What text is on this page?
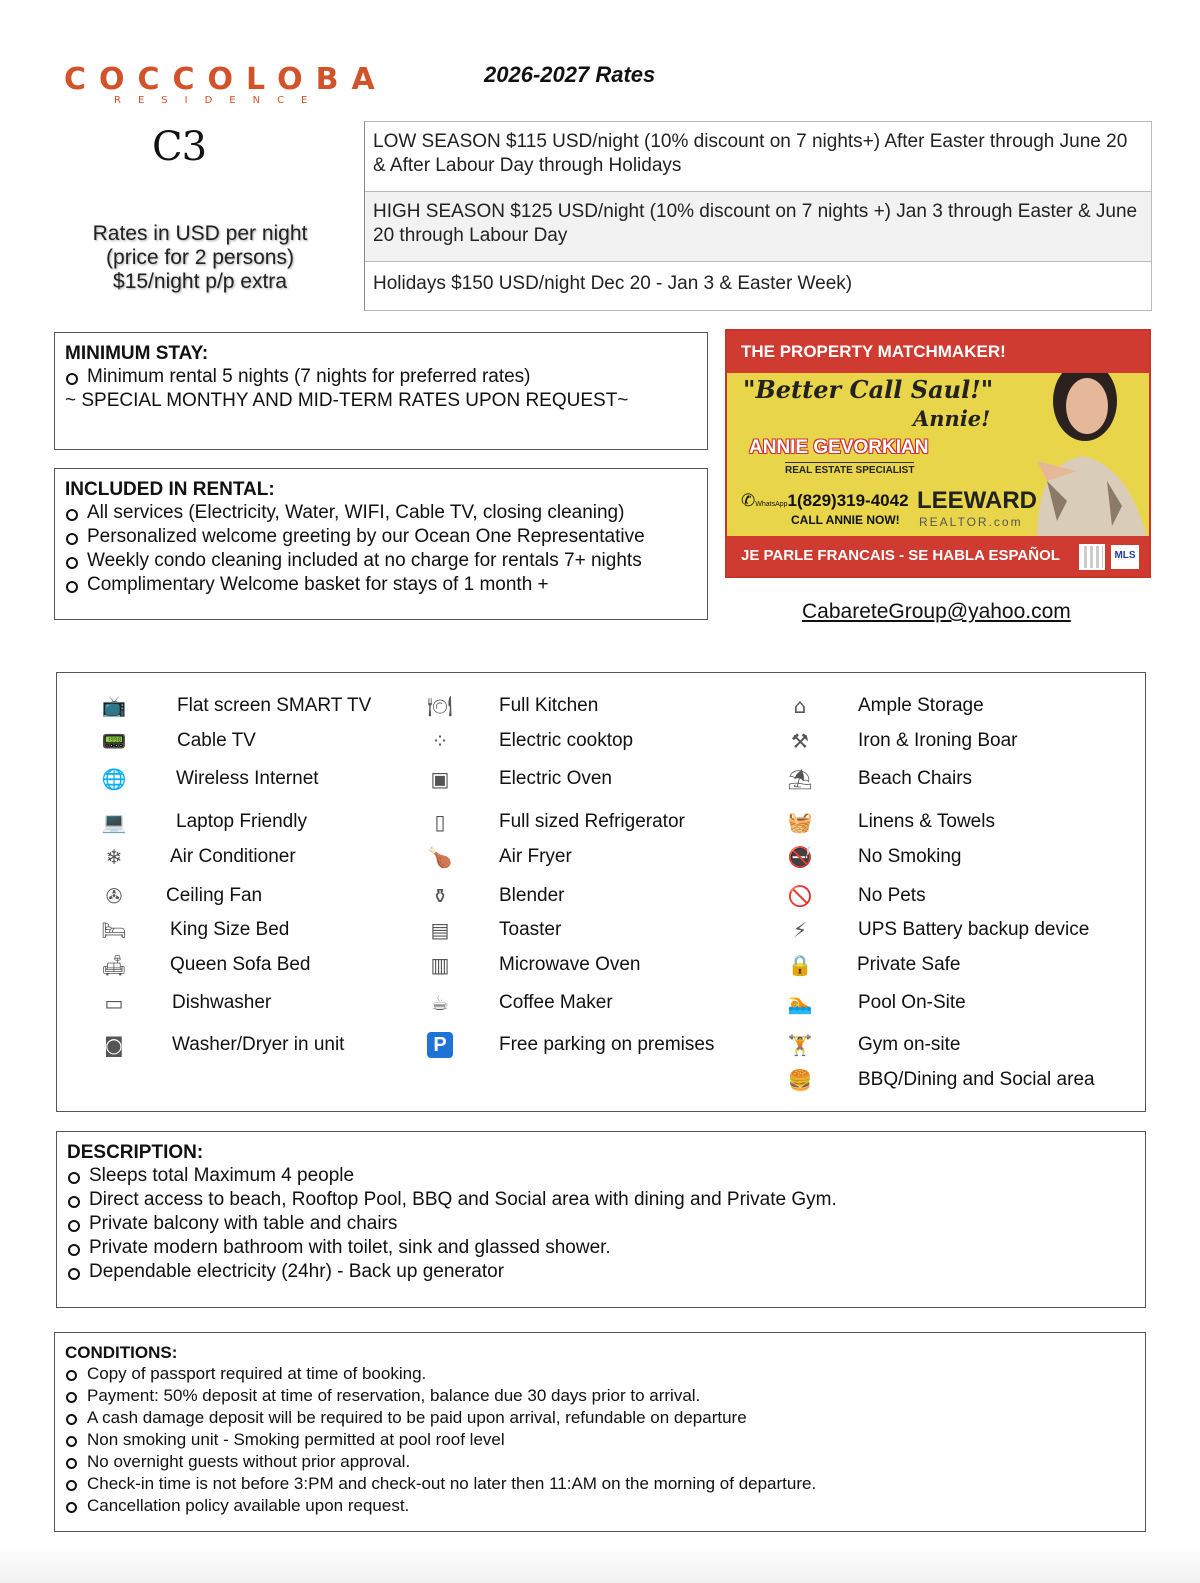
COCCOLOBA
RESIDENCE
C3
2026-2027 Rates
Rates in USD per night
(price for 2 persons)
$15/night p/p extra
LOW SEASON $115 USD/night (10% discount on 7 nights+) After Easter through June 20 & After Labour Day through Holidays
HIGH SEASON $125 USD/night (10% discount on 7 nights +) Jan 3 through Easter & June 20 through Labour Day
Holidays $150 USD/night Dec 20 - Jan 3 & Easter Week)
MINIMUM STAY:
Minimum rental 5 nights (7 nights for preferred rates)
~ SPECIAL MONTHY AND MID-TERM RATES UPON REQUEST~
INCLUDED IN RENTAL:
All services (Electricity, Water, WIFI, Cable TV, closing cleaning)
Personalized welcome greeting by our Ocean One Representative
Weekly condo cleaning included at no charge for rentals 7+ nights
Complimentary Welcome basket for stays of 1 month +
THE PROPERTY MATCHMAKER!
"Better Call Saul!"
Annie!
ANNIE GEVORKIAN
REAL ESTATE SPECIALIST
✆WhatsApp1(829)319-4042
CALL ANNIE NOW!
LEEWARD
REALTOR.com
JE PARLE FRANCAIS - SE HABLA ESPAÑOL	MLS
CabareteGroup@yahoo.com
📺	Flat screen SMART TV
📟	Cable TV
🌐	Wireless Internet
💻	Laptop Friendly
❄	Air Conditioner
✇ Ceiling Fan
🛏 King Size Bed
🛋 Queen Sofa Bed
▭	Dishwasher
◙	Washer/Dryer in unit
🍽 Full Kitchen
⁘	Electric cooktop
▣	Electric Oven
▯	Full sized Refrigerator
🍗 Air Fryer
⚱	Blender
▤	Toaster
▥	Microwave Oven
☕	Coffee Maker
P	Free parking on premises
⌂	Ample Storage
⚒	Iron & Ironing Boar
⛱ Beach Chairs
🧺 Linens & Towels
🚭 No Smoking
🚫 No Pets
⚡	UPS Battery backup device
🔒 Private Safe
🏊 Pool On-Site
🏋 Gym on-site
🍔 BBQ/Dining and Social area
DESCRIPTION:
Sleeps total Maximum 4 people
Direct access to beach, Rooftop Pool, BBQ and Social area with dining and Private Gym.
Private balcony with table and chairs
Private modern bathroom with toilet, sink and glassed shower.
Dependable electricity (24hr) - Back up generator
CONDITIONS:
Copy of passport required at time of booking.
Payment: 50% deposit at time of reservation, balance due 30 days prior to arrival.
A cash damage deposit will be required to be paid upon arrival, refundable on departure
Non smoking unit - Smoking permitted at pool roof level
No overnight guests without prior approval.
Check-in time is not before 3:PM and check-out no later then 11:AM on the morning of departure.
Cancellation policy available upon request.
